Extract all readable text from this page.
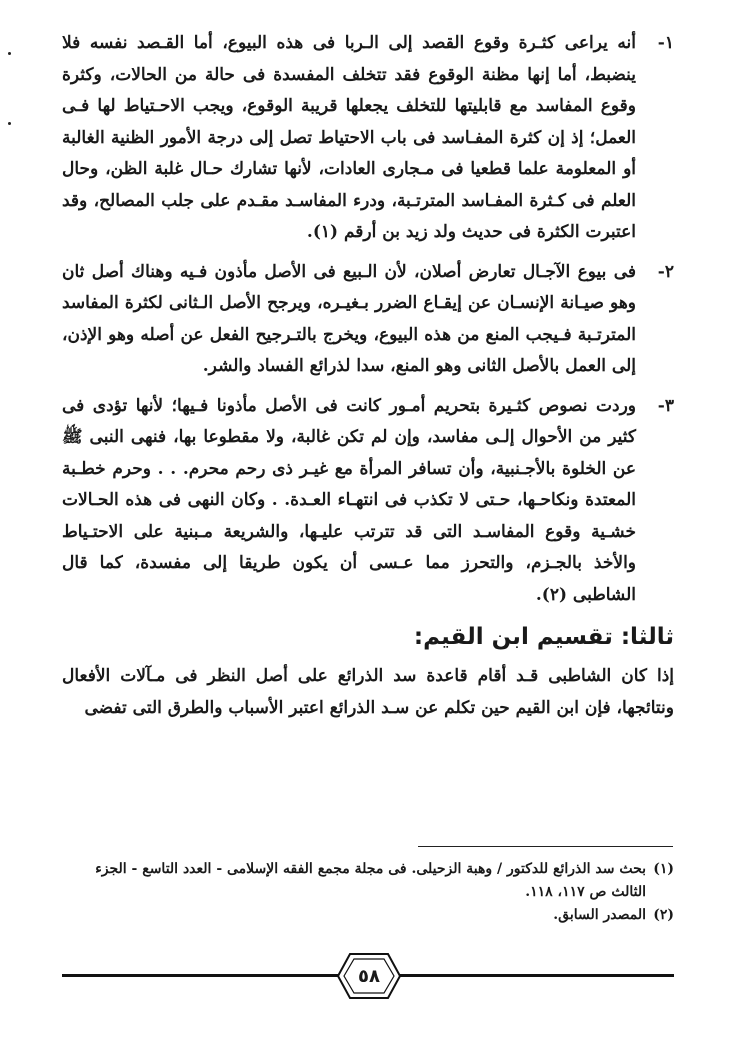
١-
أنه يراعى كثـرة وقوع القصد إلى الـربا فى هذه البيوع، أما القـصد نفسه فلا ينضبط، أما إنها مظنة الوقوع فقد تتخلف المفسدة فى حالة من الحالات، وكثرة وقوع المفاسد مع قابليتها للتخلف يجعلها قريبة الوقوع، ويجب الاحـتياط لها فـى العمل؛ إذ إن كثرة المفـاسد فى باب الاحتياط تصل إلى درجة الأمور الظنية الغالبة أو المعلومة علما قطعيا فى مـجارى العادات، لأنها تشارك حـال غلبة الظن، وحال العلم فى كـثرة المفـاسد المترتـبة، ودرء المفاسـد مقـدم على جلب المصالح، وقد اعتبرت الكثرة فى حديث ولد زيد بن أرقم (١).
٢-
فى بيوع الآجـال تعارض أصلان، لأن الـبيع فى الأصل مأذون فـيه وهناك أصل ثان وهو صيـانة الإنسـان عن إيقـاع الضرر بـغيـره، ويرجح الأصل الـثانى لكثرة المفاسد المترتـبة فـيجب المنع من هذه البيوع، ويخرج بالتـرجيح الفعل عن أصله وهو الإذن، إلى العمل بالأصل الثانى وهو المنع، سدا لذرائع الفساد والشر.
٣-
وردت نصوص كثـيرة بتحريم أمـور كانت فى الأصل مأذونا فـيها؛ لأنها تؤدى فى كثير من الأحوال إلـى مفاسد، وإن لم تكن غالبة، ولا مقطوعا بها، فنهى النبى ﷺ عن الخلوة بالأجـنبية، وأن تسافر المرأة مع غيـر ذى رحم محرم. . . وحرم خطـبة المعتدة ونكاحـها، حـتى لا تكذب فى انتهـاء العـدة. . وكان النهى فى هذه الحـالات خشـية وقوع المفاسـد التى قد تترتب عليـها، والشريعة مـبنية على الاحتـياط والأخذ بالجـزم، والتحرز مما عـسى أن يكون طريقا إلى مفسدة، كما قال الشاطبى (٢).
ثالثا: تقسيم ابن القيم:
إذا كان الشاطبى قـد أقام قاعدة سد الذرائع على أصل النظر فى مـآلات الأفعال ونتائجها، فإن ابن القيم حين تكلم عن سـد الذرائع اعتبر الأسباب والطرق التى تفضى
(١)
بحث سد الذرائع للدكتور / وهبة الزحيلى. فى مجلة مجمع الفقه الإسلامى - العدد التاسع - الجزء الثالث ص ١١٧، ١١٨.
(٢)
المصدر السابق.
٥٨
